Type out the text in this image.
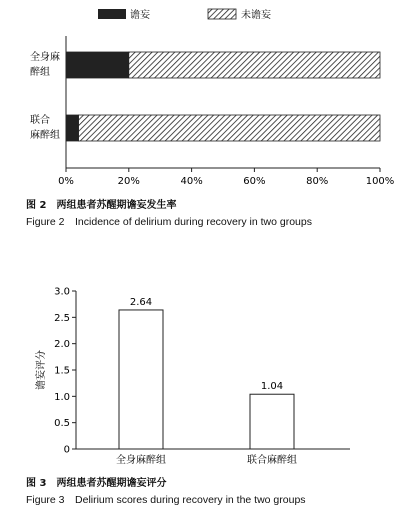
谵妄	未谵妄
全身麻
醉组
联合
麻醉组
0%	20%	40%	60%	80%	100%
2.64
1.04
全身麻醉组	联合麻醉组
0
0.5
1.0
1.5
2.0
2.5
3.0
谵妄评分
图 2　两组患者苏醒期谵妄发生率
Figure 2　Incidence of delirium during recovery in two groups
图 3　两组患者苏醒期谵妄评分
Figure 3　Delirium scores during recovery in the two groups
